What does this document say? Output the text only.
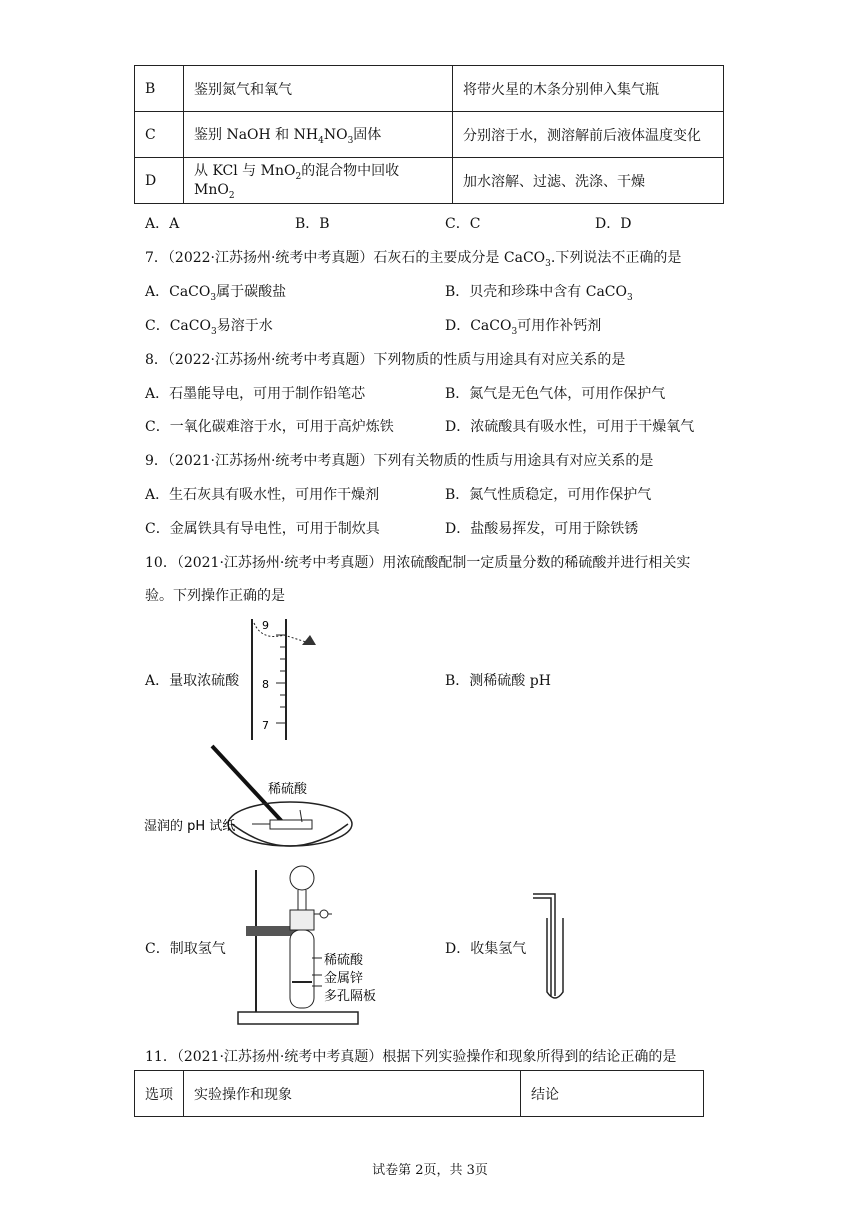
B	鉴别氮气和氧气	将带火星的木条分别伸入集气瓶
C	鉴别 NaOH 和 $NH_4NO_3$固体	分别溶于水，测溶解前后液体温度变化
D	从 KCl 与 MnO$_2$的混合物中回收 MnO$_2$	加水溶解、过滤、洗涤、干燥
A．A	B．B	C．C	D．D
7．（2022·江苏扬州·统考中考真题）石灰石的主要成分是 CaCO$_3$.下列说法不正确的是
A．CaCO$_3$属于碳酸盐	B．贝壳和珍珠中含有 CaCO$_3$
C．CaCO$_3$易溶于水	D．CaCO$_3$可用作补钙剂
8．（2022·江苏扬州·统考中考真题）下列物质的性质与用途具有对应关系的是
A．石墨能导电，可用于制作铅笔芯	B．氮气是无色气体，可用作保护气
C．一氧化碳难溶于水，可用于高炉炼铁	D．浓硫酸具有吸水性，可用于干燥氧气
9．（2021·江苏扬州·统考中考真题）下列有关物质的性质与用途具有对应关系的是
A．生石灰具有吸水性，可用作干燥剂	B．氮气性质稳定，可用作保护气
C．金属铁具有导电性，可用于制炊具	D．盐酸易挥发，可用于除铁锈
10．（2021·江苏扬州·统考中考真题）用浓硫酸配制一定质量分数的稀硫酸并进行相关实
验。下列操作正确的是
A．量取浓硫酸	B．测稀硫酸 pH
9
8
7
稀硫酸
湿润的 pH 试纸
C．制取氢气	D．收集氢气
稀硫酸
金属锌
多孔隔板
11．（2021·江苏扬州·统考中考真题）根据下列实验操作和现象所得到的结论正确的是
选项	实验操作和现象	结论
试卷第 2页，共 3页
